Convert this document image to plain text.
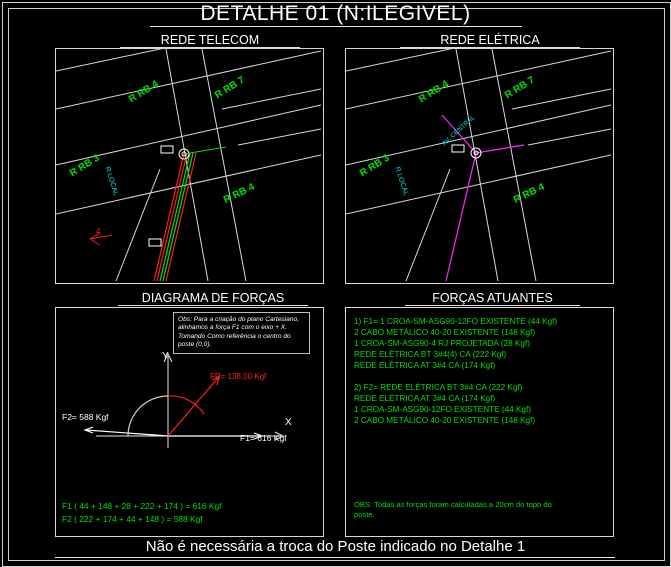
DETALHE 01 (N:ILEGIVEL)
REDE TELECOM
R RB 4	R RB 7
R RB 3
R RB 4
R LOCAL
4
REDE ELÉTRICA
R RB 4	R RB 7
R RB 3
R RB 4
R LOCAL
AV. CENTRAL
DIAGRAMA DE FORÇAS
Obs: Para a criação do plano Cartesiano, alinhamos a força F1 com o eixo + X. Tomando Como referência o centro do poste (0,0).
Y
X
FR= 138,00 Kgf
F2= 588 Kgf
F1= 616 Kgf
F1 ( 44 + 148 + 28 + 222 + 174 ) = 616 Kgf
F2 ( 222 + 174 + 44 + 148 ) = 588 Kgf
FORÇAS ATUANTES
1) F1= 1 CROA-SM-ASG90-12FO EXISTENTE (44 Kgf)
2 CABO METÁLICO 40-20 EXISTENTE (148 Kgf)
1 CROA-SM-ASG90-4 RJ PROJETADA (28 Kgf)
REDE ELÉTRICA BT 3#4(4) CA (222 Kgf)
REDE ELÉTRICA AT 3#4 CA (174 Kgf)

2) F2= REDE ELÉTRICA BT 3#4 CA (222 Kgf)
REDE ELÉTRICA AT 3#4 CA (174 Kgf)
1 CROA-SM-ASG90-12FO EXISTENTE (44 Kgf)
2 CABO METÁLICO 40-20 EXISTENTE (148 Kgf)
OBS: Todas as forças foram calculadas a 20cm do topo do poste.
Não é necessária a troca do Poste indicado no Detalhe 1
